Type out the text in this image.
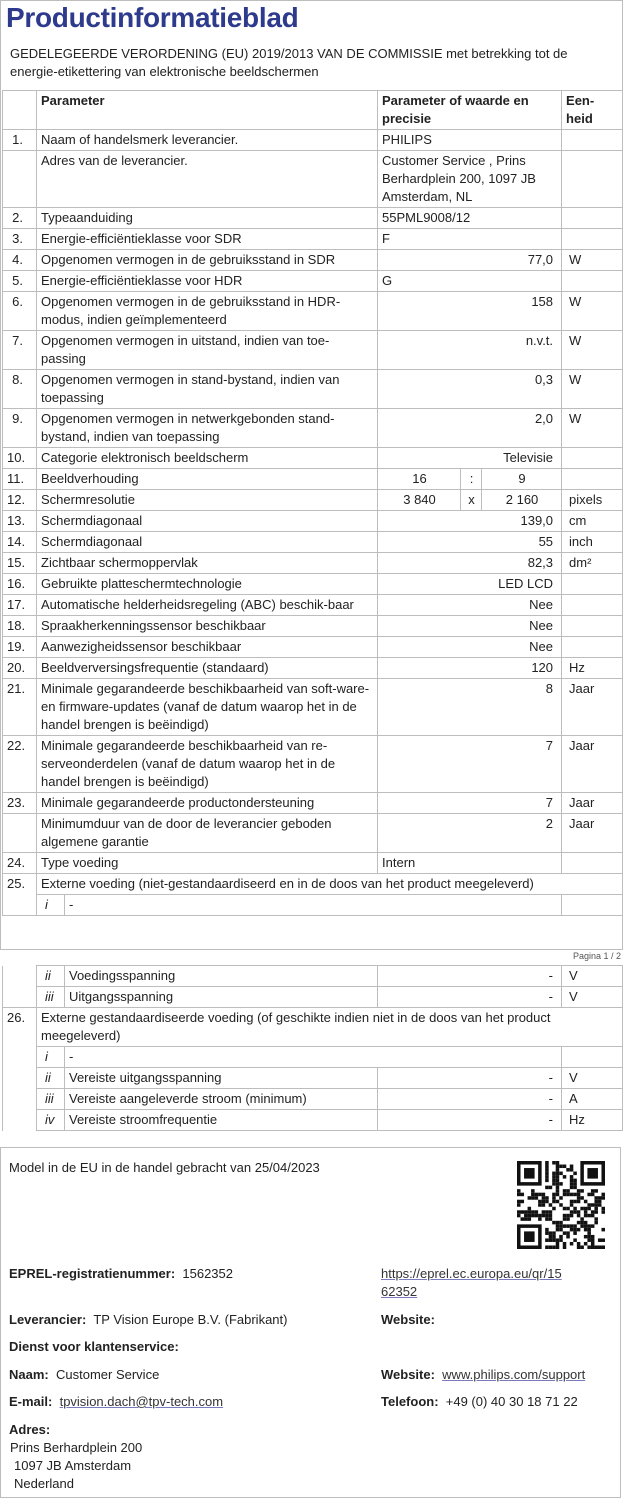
Productinformatieblad

GEDELEGEERDE VERORDENING (EU) 2019/2013 VAN DE COMMISSIE met betrekking tot de energie-etikettering van elektronische beeldschermen

	Parameter		Parameter of waarde en precisie			Een-heid
1.	Naam of handelsmerk leverancier.		PHILIPS			
	Adres van de leverancier.		Customer Service , Prins Berhardplein 200, 1097 JB Amsterdam, NL			
2.	Typeaanduiding		55PML9008/12			
3.	Energie-efficiëntieklasse voor SDR		F			
4.	Opgenomen vermogen in de gebruiksstand in SDR		77,0			W
5.	Energie-efficiëntieklasse voor HDR		G			
6.	Opgenomen vermogen in de gebruiksstand in HDR-modus, indien geïmplementeerd		158			W
7.	Opgenomen vermogen in uitstand, indien van toe-passing		n.v.t.			W
8.	Opgenomen vermogen in stand-bystand, indien van toepassing		0,3			W
9.	Opgenomen vermogen in netwerkgebonden stand-bystand, indien van toepassing		2,0			W
10.	Categorie elektronisch beeldscherm		Televisie			
11.	Beeldverhouding		16	:	9	
12.	Schermresolutie		3 840	x	2 160	pixels
13.	Schermdiagonaal		139,0			cm
14.	Schermdiagonaal		55			inch
15.	Zichtbaar schermoppervlak		82,3			dm²
16.	Gebruikte platteschermtechnologie		LED LCD			
17.	Automatische helderheidsregeling (ABC) beschik-baar		Nee			
18.	Spraakherkenningssensor beschikbaar		Nee			
19.	Aanwezigheidssensor beschikbaar		Nee			
20.	Beeldverversingsfrequentie (standaard)		120			Hz
21.	Minimale gegarandeerde beschikbaarheid van soft-ware- en firmware-updates (vanaf de datum waarop het in de handel brengen is beëindigd)		8			Jaar
22.	Minimale gegarandeerde beschikbaarheid van re-serveonderdelen (vanaf de datum waarop het in de handel brengen is beëindigd)		7			Jaar
23.	Minimale gegarandeerde productondersteuning		7			Jaar
	Minimumduur van de door de leverancier geboden algemene garantie		2			Jaar
24.	Type voeding		Intern			
25.	Externe voeding (niet-gestandaardiseerd en in de doos van het product meegeleverd)					
	i	-				
Pagina 1 / 2
	ii	Voedingsspanning	-	V
	iii	Uitgangsspanning	-	V
26.	Externe gestandaardiseerde voeding (of geschikte indien niet in de doos van het product meegeleverd)			
	i	-		
	ii	Vereiste uitgangsspanning	-	V
	iii	Vereiste aangeleverde stroom (minimum)	-	A
	iv	Vereiste stroomfrequentie	-	Hz
Model in de EU in de handel gebracht van 25/04/2023
EPREL-registratienummer: 1562352	https://eprel.ec.europa.eu/qr/15
62352
Leverancier: TP Vision Europe B.V. (Fabrikant)	Website:
Dienst voor klantenservice:
Naam: Customer Service	Website: www.philips.com/support
E-mail: tpvision.dach@tpv-tech.com	Telefoon: +49 (0) 40 30 18 71 22
Adres:
Prins Berhardplein 200
1097 JB Amsterdam
Nederland
